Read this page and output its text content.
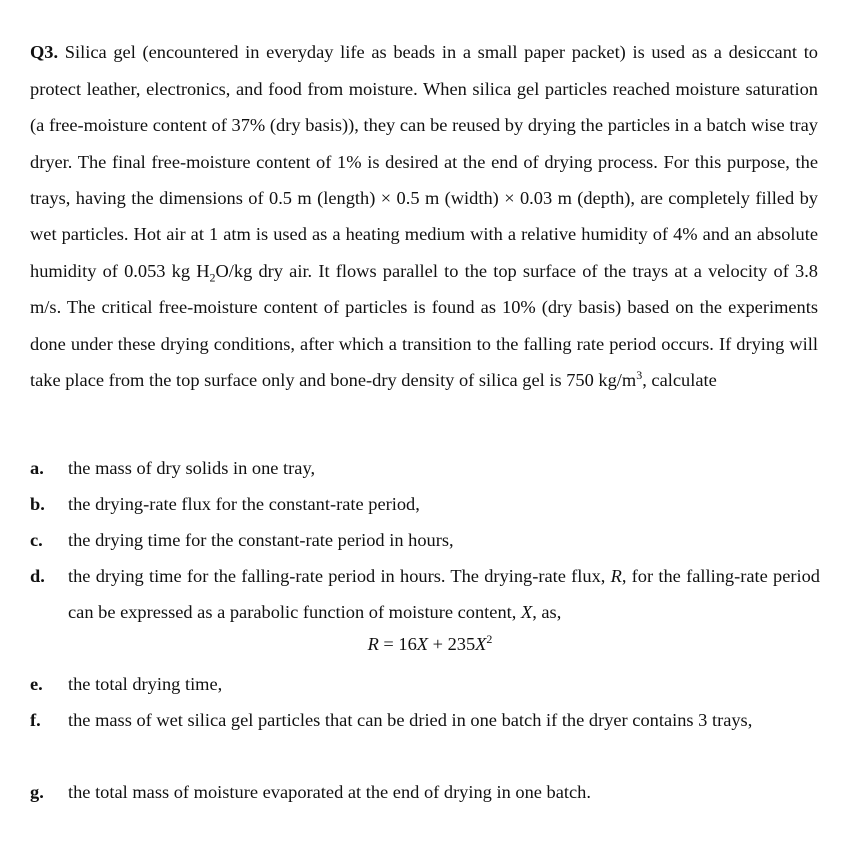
Q3. Silica gel (encountered in everyday life as beads in a small paper packet) is used as a desiccant to protect leather, electronics, and food from moisture. When silica gel particles reached moisture saturation (a free-moisture content of 37% (dry basis)), they can be reused by drying the particles in a batch wise tray dryer. The final free-moisture content of 1% is desired at the end of drying process. For this purpose, the trays, having the dimensions of 0.5 m (length) × 0.5 m (width) × 0.03 m (depth), are completely filled by wet particles. Hot air at 1 atm is used as a heating medium with a relative humidity of 4% and an absolute humidity of 0.053 kg $H_2O/kg$ dry air. It flows parallel to the top surface of the trays at a velocity of 3.8 m/s. The critical free-moisture content of particles is found as 10% (dry basis) based on the experiments done under these drying conditions, after which a transition to the falling rate period occurs. If drying will take place from the top surface only and bone-dry density of silica gel is 750 $kg/m^3$, calculate

a.	the mass of dry solids in one tray,
b.	the drying-rate flux for the constant-rate period,
c.	the drying time for the constant-rate period in hours,
d.	the drying time for the falling-rate period in hours. The drying-rate flux, R, for the falling-rate period can be expressed as a parabolic function of moisture content, X, as,
$R = 16X + 235X^2$
e.	the total drying time,
f.	the mass of wet silica gel particles that can be dried in one batch if the dryer contains 3 trays,
g.	the total mass of moisture evaporated at the end of drying in one batch.
